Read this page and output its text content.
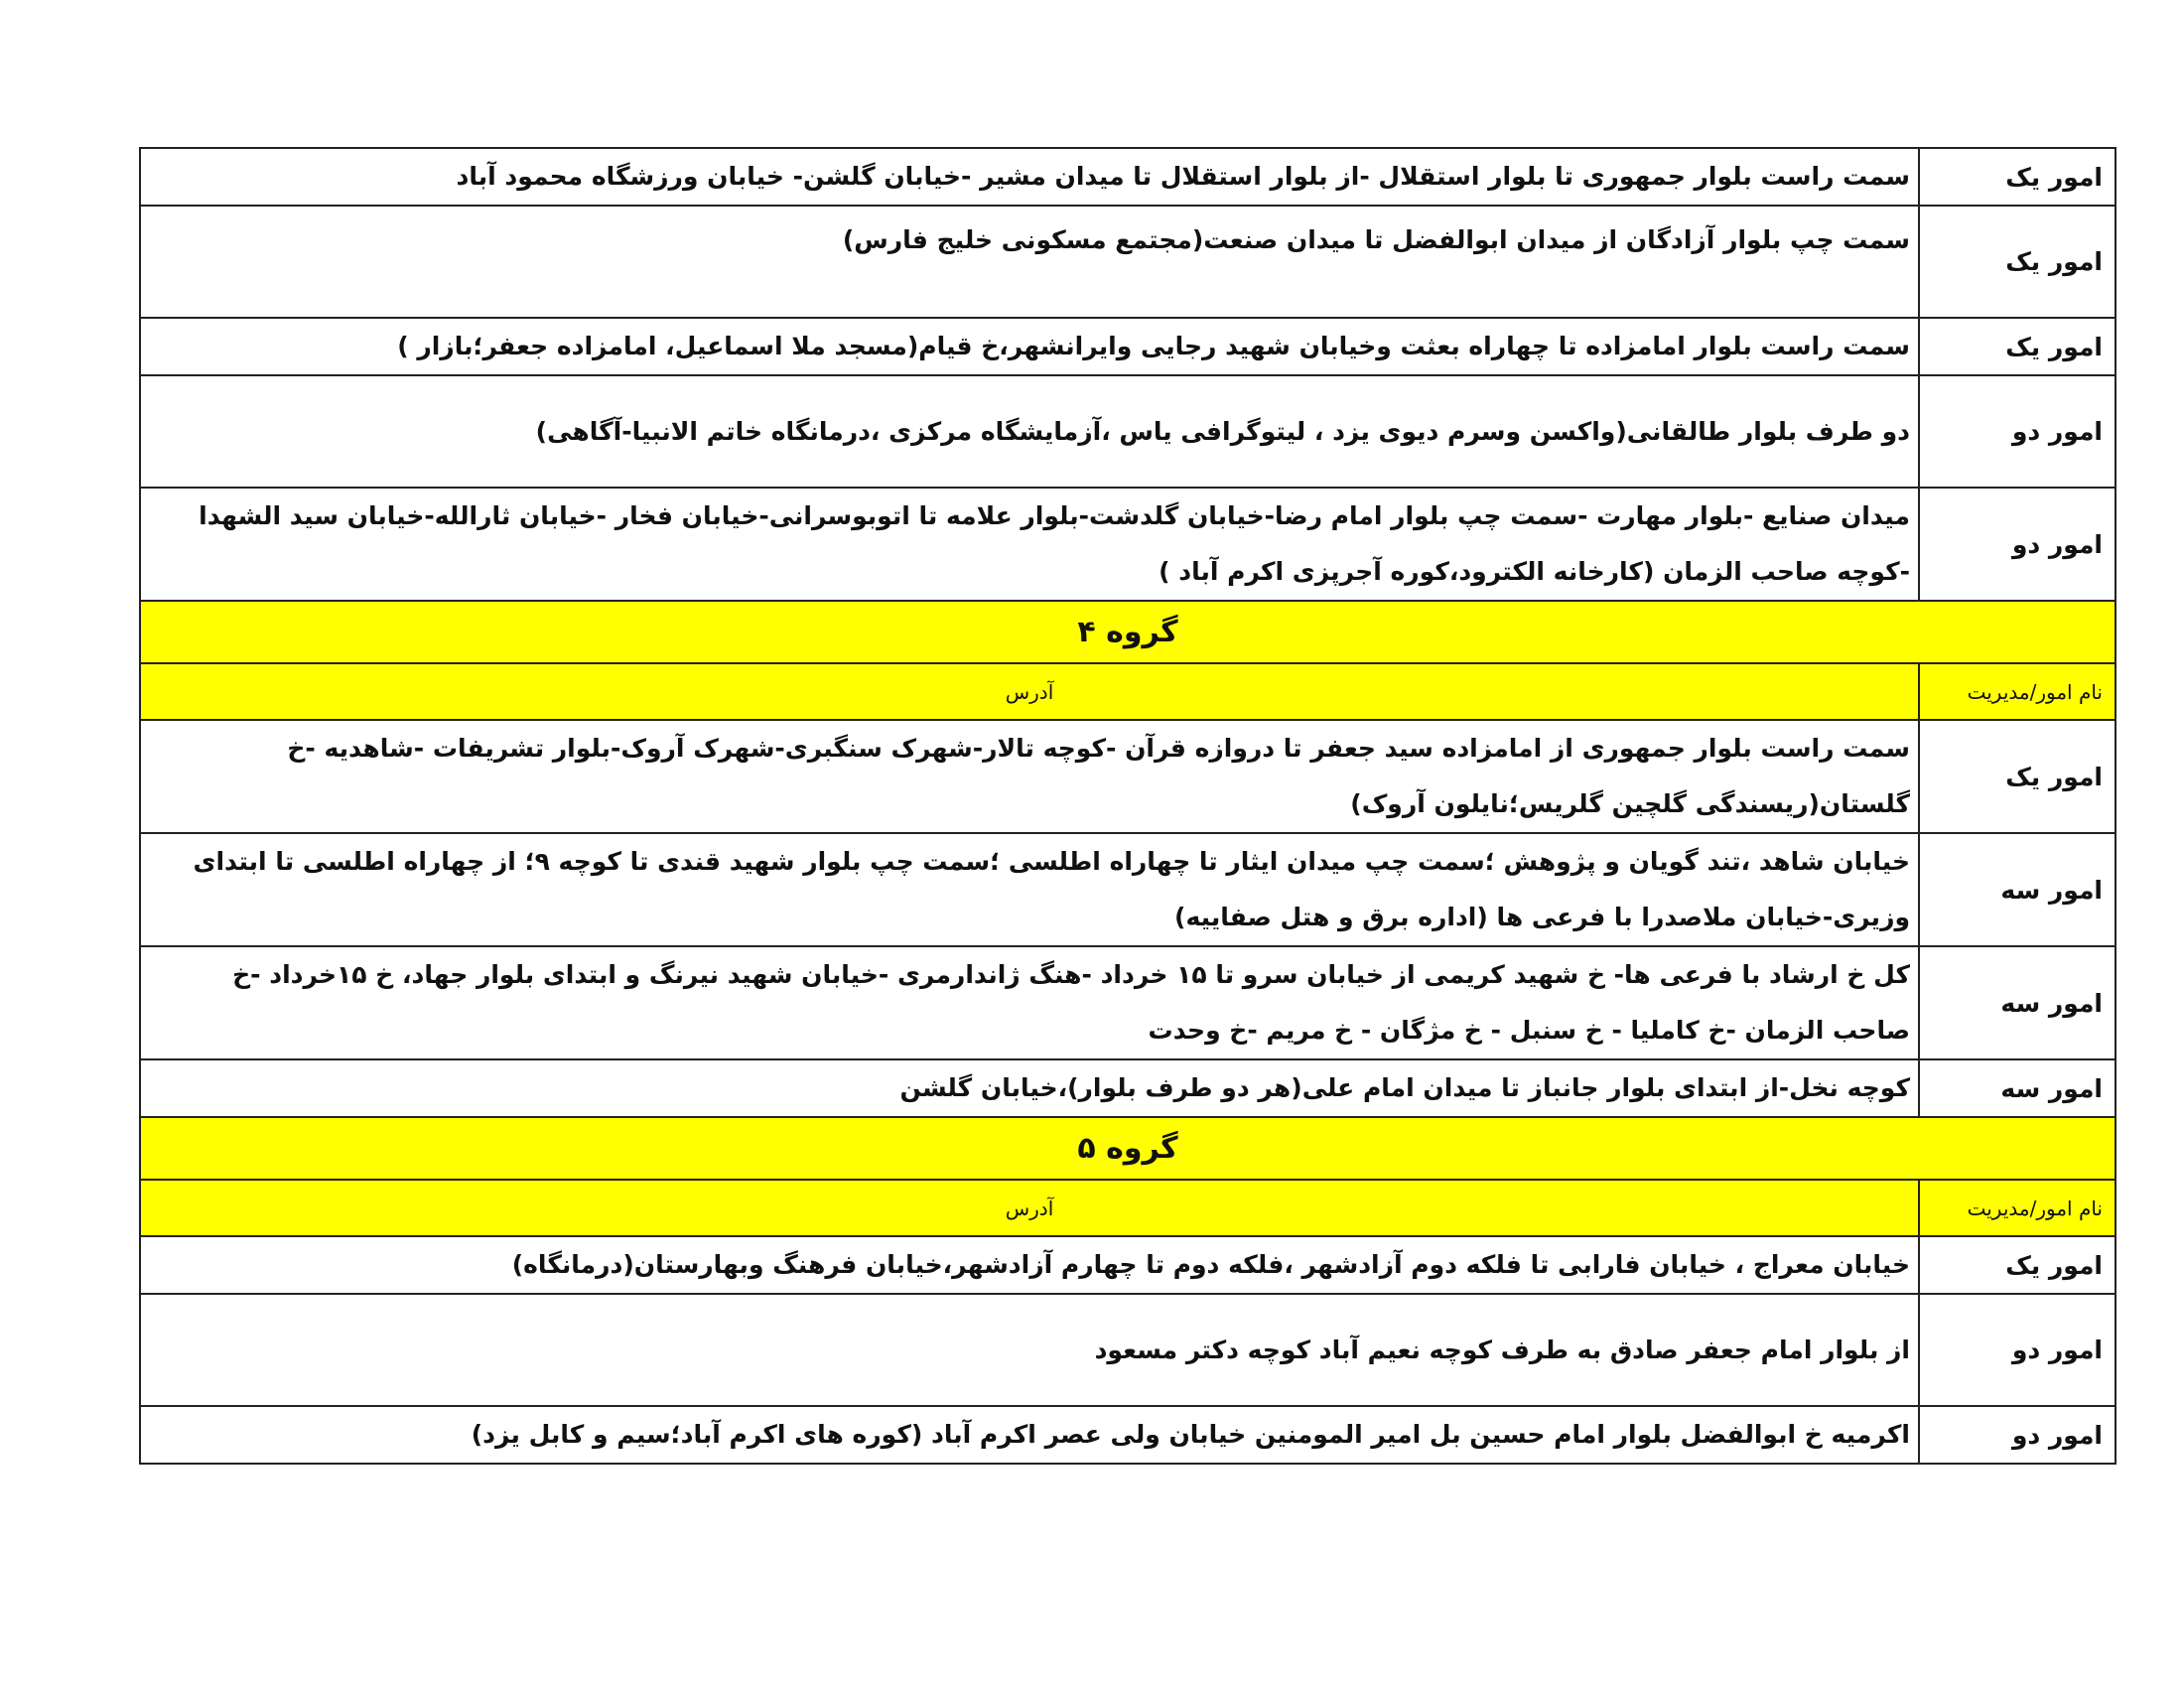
امور یک	سمت راست بلوار جمهوری تا بلوار استقلال -از بلوار استقلال تا میدان مشیر -خیابان گلشن- خیابان ورزشگاه محمود آباد
امور یک	سمت چپ بلوار آزادگان از میدان ابوالفضل تا میدان صنعت(مجتمع مسکونی خلیج فارس)
امور یک	سمت راست بلوار امامزاده تا چهاراه بعثت وخیابان شهید رجایی وایرانشهر،خ قیام(مسجد ملا اسماعیل، امامزاده جعفر؛بازار )
امور دو	دو طرف بلوار طالقانی(واکسن وسرم دیوی یزد ، لیتوگرافی یاس ،آزمایشگاه مرکزی ،درمانگاه خاتم الانبیا-آگاهی)
امور دو	میدان صنایع -بلوار مهارت -سمت چپ بلوار امام رضا-خیابان گلدشت-بلوار علامه تا اتوبوسرانی-خیابان فخار -خیابان ثارالله-خیابان سید الشهدا -کوچه صاحب الزمان (کارخانه الکترود،کوره آجرپزی اکرم آباد )
گروه ۴	
نام امور/مدیریت	آدرس
امور یک	سمت راست بلوار جمهوری از امامزاده سید جعفر تا دروازه قرآن -کوچه تالار-شهرک سنگبری-شهرک آروک-بلوار تشریفات -شاهدیه -خ گلستان(ریسندگی گلچین گلریس؛نایلون آروک)
امور سه	خیابان شاهد ،تند گویان و پژوهش ؛سمت چپ میدان ایثار تا چهاراه اطلسی ؛سمت چپ بلوار شهید قندی تا کوچه ۹؛ از چهاراه اطلسی تا ابتدای وزیری-خیابان ملاصدرا با فرعی ها (اداره برق و هتل صفاییه)
امور سه	کل خ ارشاد با فرعی ها- خ شهید کریمی از خیابان سرو تا ۱۵ خرداد -هنگ ژاندارمری -خیابان شهید نیرنگ و ابتدای بلوار جهاد، خ ۱۵خرداد -خ صاحب الزمان -خ کاملیا - خ سنبل - خ مژگان - خ مریم -خ وحدت
امور سه	کوچه نخل-از ابتدای بلوار جانباز تا میدان امام علی(هر دو طرف بلوار)،خیابان گلشن
گروه ۵	
نام امور/مدیریت	آدرس
امور یک	خیابان معراج ، خیابان فارابی تا فلکه دوم آزادشهر ،فلکه دوم تا چهارم آزادشهر،خیابان فرهنگ وبهارستان(درمانگاه)
امور دو	از بلوار امام جعفر صادق به طرف کوچه نعیم آباد کوچه دکتر مسعود
امور دو	اکرمیه خ ابوالفضل بلوار امام حسین بل امیر المومنین خیابان ولی عصر اکرم آباد (کوره های اکرم آباد؛سیم و کابل یزد)
